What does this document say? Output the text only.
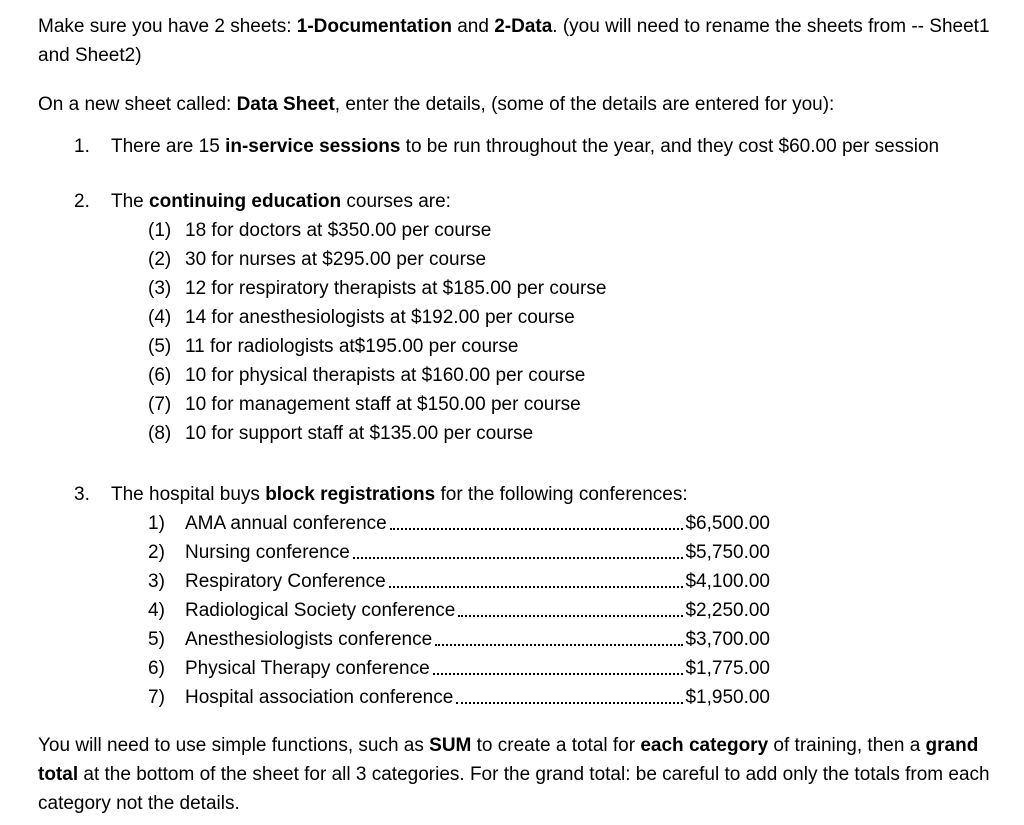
Make sure you have 2 sheets: 1-Documentation and 2-Data. (you will need to rename the sheets from -- Sheet1 and Sheet2)
On a new sheet called: Data Sheet, enter the details, (some of the details are entered for you):
1. There are 15 in-service sessions to be run throughout the year, and they cost $60.00 per session
2. The continuing education courses are:
(1) 18 for doctors at $350.00 per course
(2) 30 for nurses at $295.00 per course
(3) 12 for respiratory therapists at $185.00 per course
(4) 14 for anesthesiologists at $192.00 per course
(5) 11 for radiologists at$195.00 per course
(6) 10 for physical therapists at $160.00 per course
(7) 10 for management staff at $150.00 per course
(8) 10 for support staff at $135.00 per course
3. The hospital buys block registrations for the following conferences:
1)	AMA annual conference	$6,500.00
2)	Nursing conference	$5,750.00
3)	Respiratory Conference	$4,100.00
4)	Radiological Society conference	$2,250.00
5)	Anesthesiologists conference	$3,700.00
6)	Physical Therapy conference	$1,775.00
7)	Hospital association conference	$1,950.00
You will need to use simple functions, such as SUM to create a total for each category of training, then a grand total at the bottom of the sheet for all 3 categories. For the grand total: be careful to add only the totals from each category not the details.
